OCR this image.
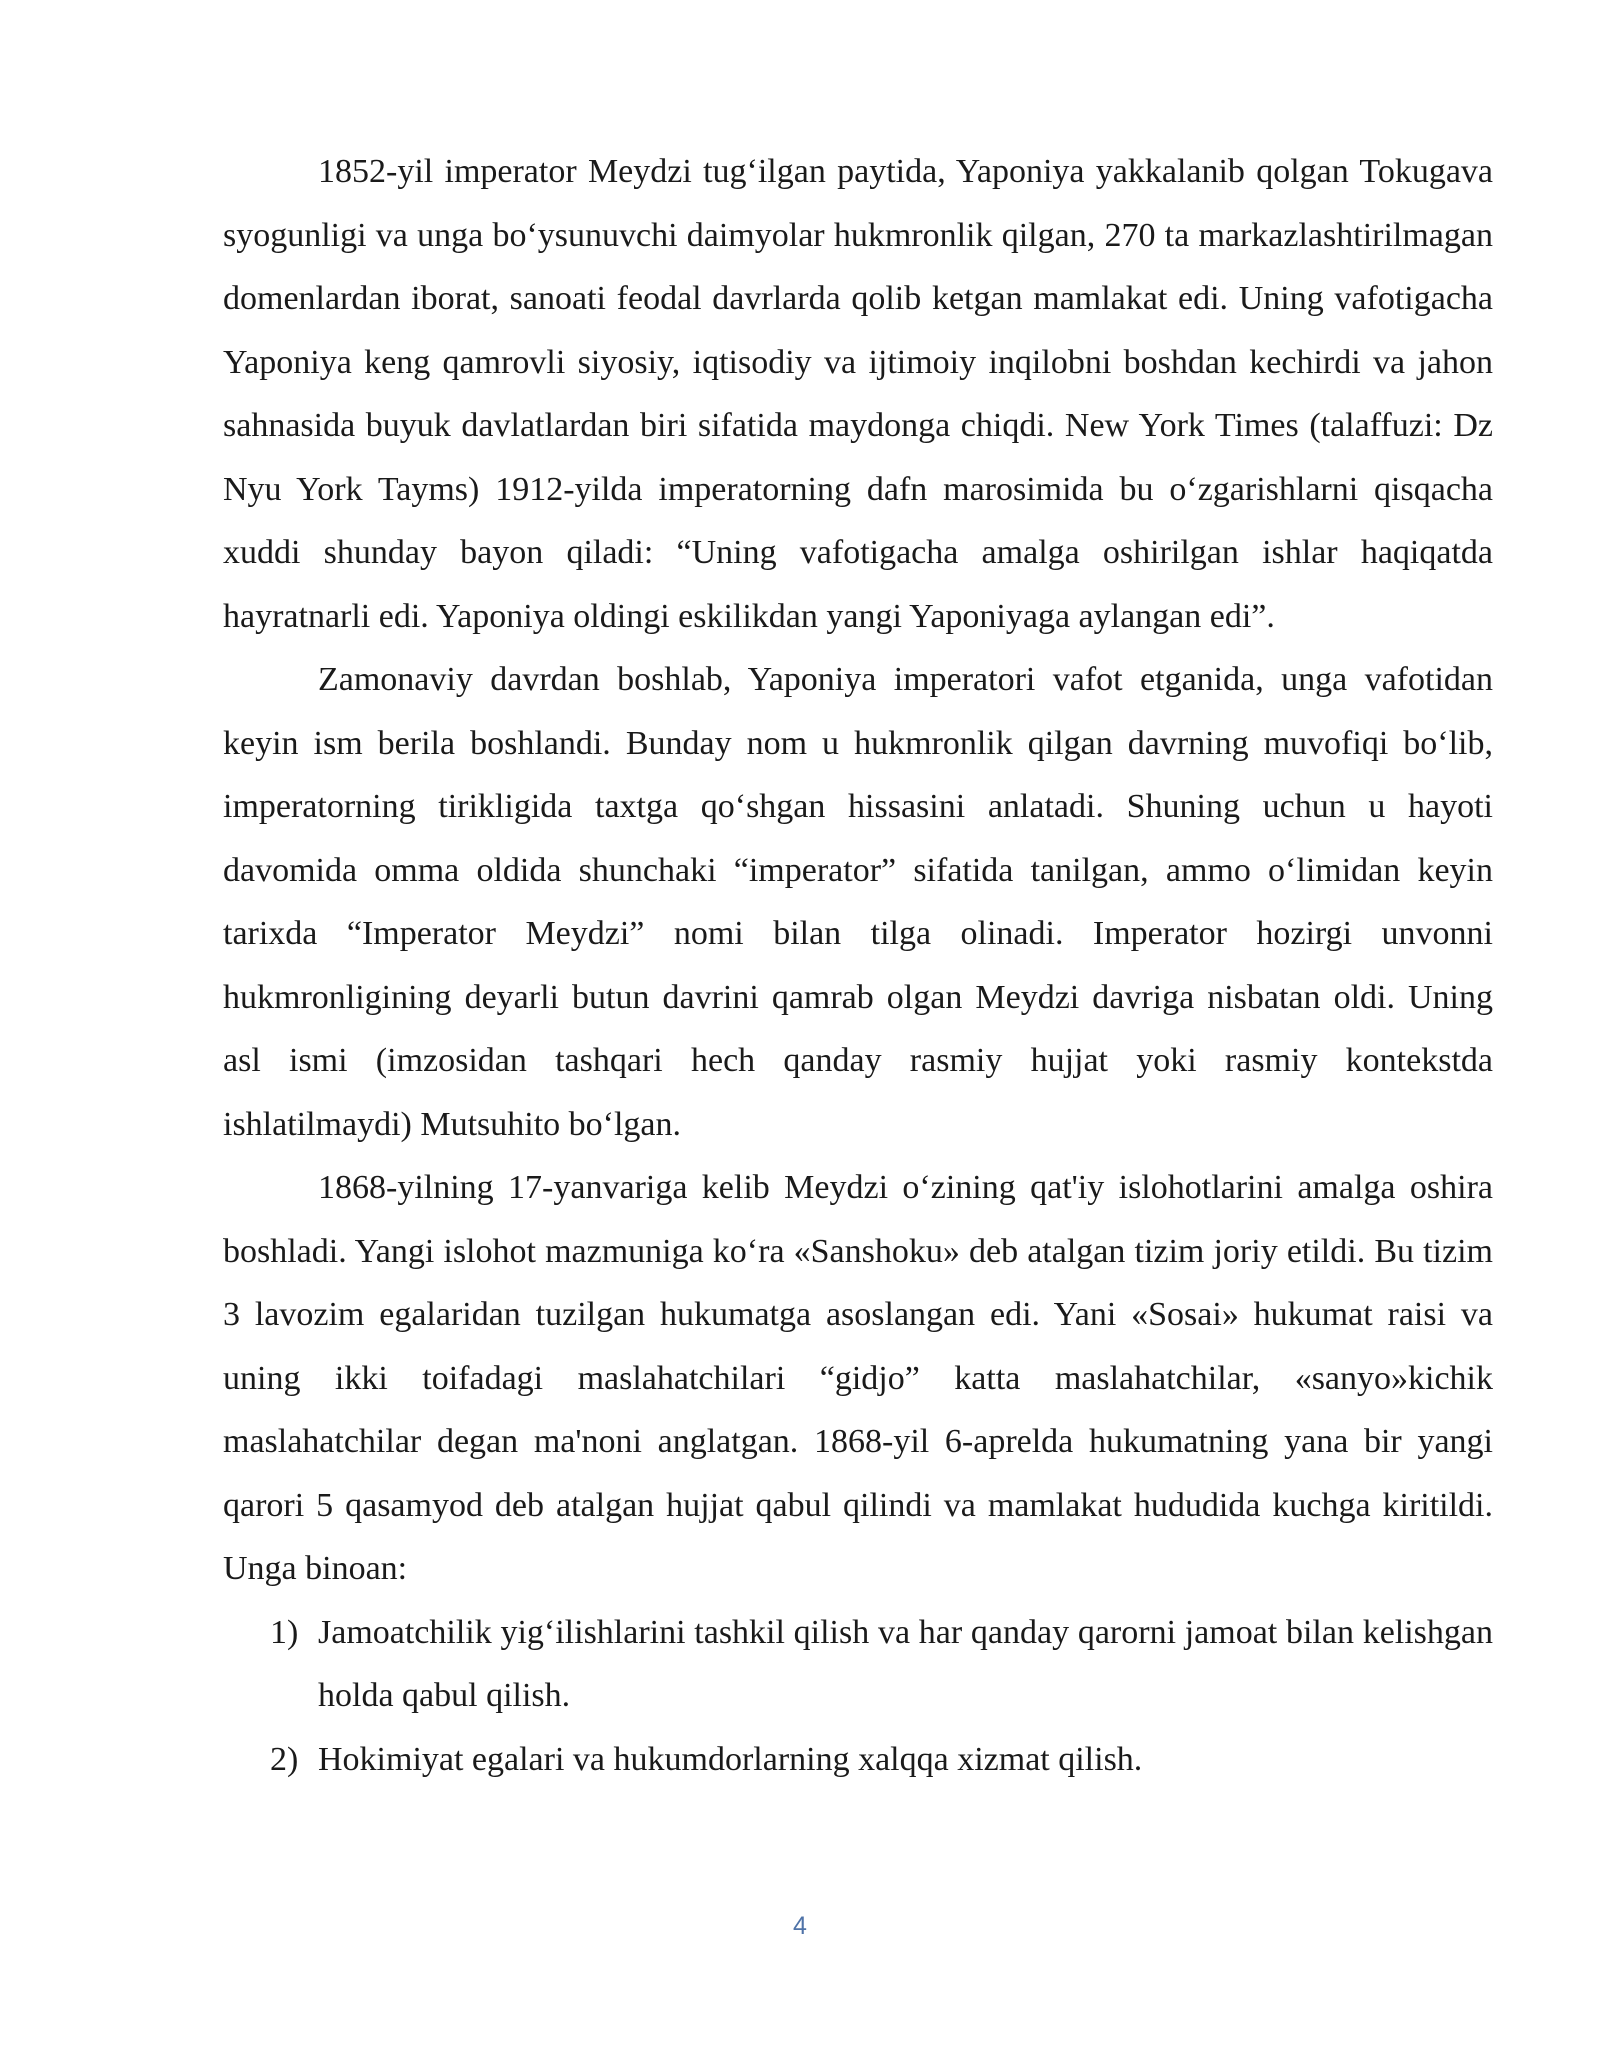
1852-yil imperator Meydzi tug‘ilgan paytida, Yaponiya yakkalanib qolgan Tokugava syogunligi va unga bo‘ysunuvchi daimyolar hukmronlik qilgan, 270 ta markazlashtirilmagan domenlardan iborat, sanoati feodal davrlarda qolib ketgan mamlakat edi. Uning vafotigacha Yaponiya keng qamrovli siyosiy, iqtisodiy va ijtimoiy inqilobni boshdan kechirdi va jahon sahnasida buyuk davlatlardan biri sifatida maydonga chiqdi. New York Times (talaffuzi: Dz Nyu York Tayms) 1912-yilda imperatorning dafn marosimida bu o‘zgarishlarni qisqacha xuddi shunday bayon qiladi: “Uning vafotigacha amalga oshirilgan ishlar haqiqatda hayratnarli edi. Yaponiya oldingi eskilikdan yangi Yaponiyaga aylangan edi”.

Zamonaviy davrdan boshlab, Yaponiya imperatori vafot etganida, unga vafotidan keyin ism berila boshlandi. Bunday nom u hukmronlik qilgan davrning muvofiqi bo‘lib, imperatorning tirikligida taxtga qo‘shgan hissasini anlatadi. Shuning uchun u hayoti davomida omma oldida shunchaki “imperator” sifatida tanilgan, ammo o‘limidan keyin tarixda “Imperator Meydzi” nomi bilan tilga olinadi. Imperator hozirgi unvonni hukmronligining deyarli butun davrini qamrab olgan Meydzi davriga nisbatan oldi. Uning asl ismi (imzosidan tashqari hech qanday rasmiy hujjat yoki rasmiy kontekstda ishlatilmaydi) Mutsuhito bo‘lgan.

1868-yilning 17-yanvariga kelib Meydzi o‘zining qat'iy islohotlarini amalga oshira boshladi. Yangi islohot mazmuniga ko‘ra «Sanshoku» deb atalgan tizim joriy etildi. Bu tizim 3 lavozim egalaridan tuzilgan hukumatga asoslangan edi. Yani «Sosai» hukumat raisi va uning ikki toifadagi maslahatchilari “gidjo” katta maslahatchilar, «sanyo»kichik maslahatchilar degan ma'noni anglatgan. 1868-yil 6-aprelda hukumatning yana bir yangi qarori 5 qasamyod deb atalgan hujjat qabul qilindi va mamlakat hududida kuchga kiritildi. Unga binoan:

1) Jamoatchilik yig‘ilishlarini tashkil qilish va har qanday qarorni jamoat bilan kelishgan holda qabul qilish.
2) Hokimiyat egalari va hukumdorlarning xalqqa xizmat qilish.
4
